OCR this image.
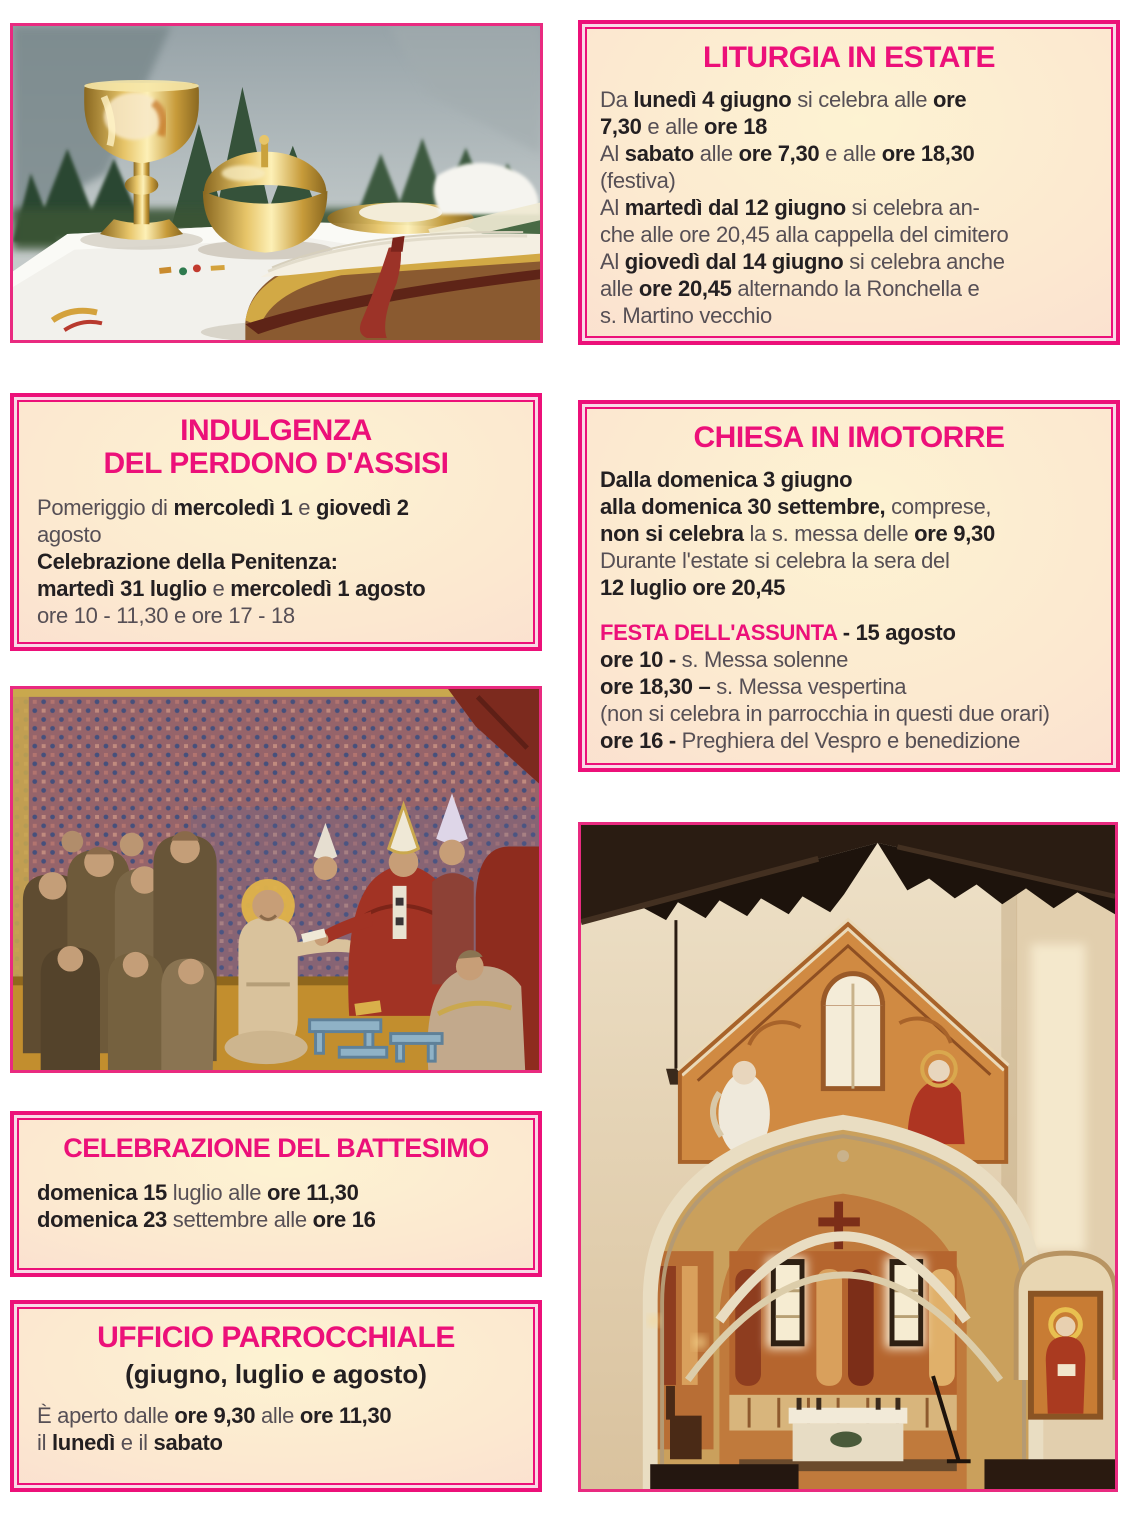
LITURGIA IN ESTATE
Da lunedì 4 giugno si celebra alle ore
7,30 e alle ore 18
Al sabato alle ore 7,30 e alle ore 18,30
(festiva)
Al martedì dal 12 giugno si celebra an-
che alle ore 20,45 alla cappella del cimitero
Al giovedì dal 14 giugno si celebra anche
alle ore 20,45 alternando la Ronchella e
s. Martino vecchio
INDULGENZA
DEL PERDONO D'ASSISI
Pomeriggio di mercoledì 1 e giovedì 2
agosto
Celebrazione della Penitenza:
martedì 31 luglio e mercoledì 1 agosto
ore 10 - 11,30 e ore 17 - 18
CHIESA IN IMOTORRE
Dalla domenica 3 giugno
alla domenica 30 settembre, comprese,
non si celebra la s. messa delle ore 9,30
Durante l'estate si celebra la sera del
12 luglio ore 20,45
FESTA DELL'ASSUNTA - 15 agosto
ore 10 - s. Messa solenne
ore 18,30 – s. Messa vespertina
(non si celebra in parrocchia in questi due orari)
ore 16 - Preghiera del Vespro e benedizione
CELEBRAZIONE DEL BATTESIMO
domenica 15 luglio alle ore 11,30
domenica 23 settembre alle ore 16
UFFICIO PARROCCHIALE
(giugno, luglio e agosto)
È aperto dalle ore 9,30 alle ore 11,30
il lunedì e il sabato
